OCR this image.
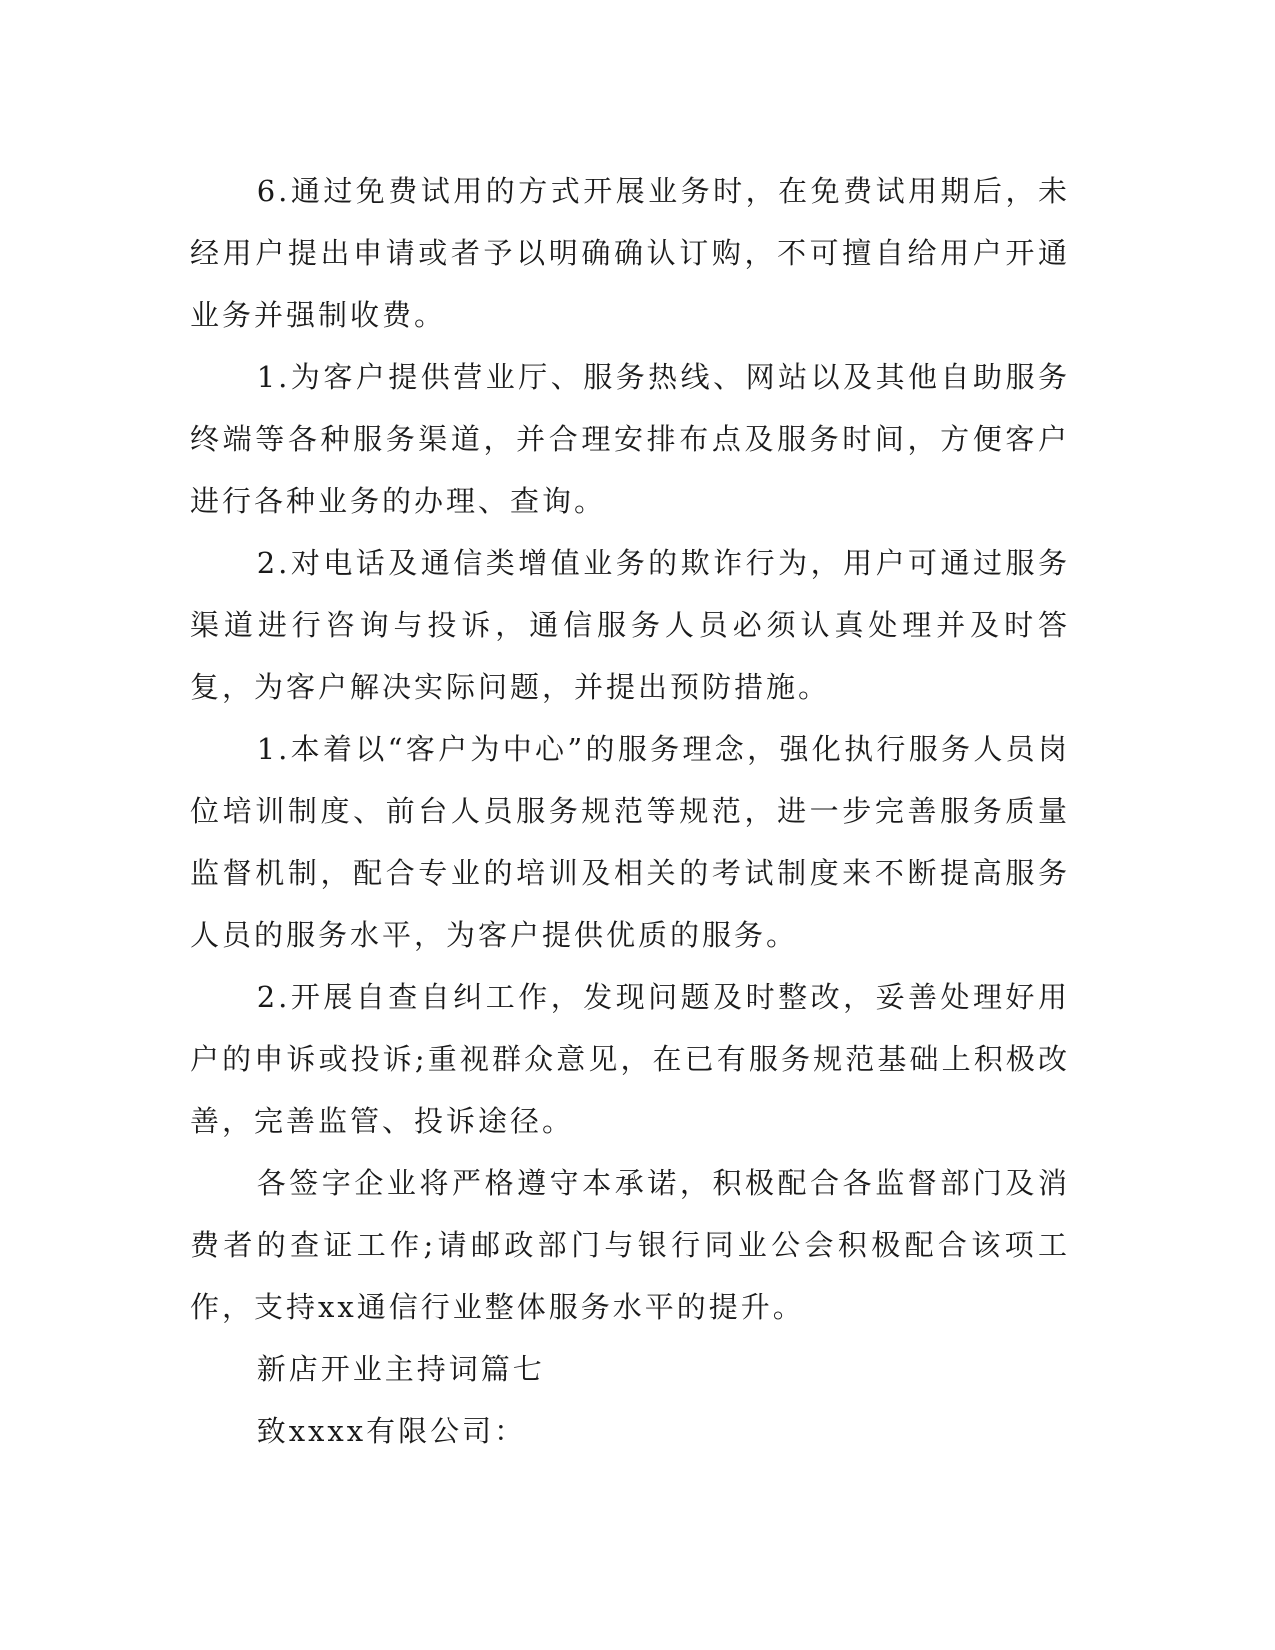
6.通过免费试用的方式开展业务时，在免费试用期后，未经用户提出申请或者予以明确确认订购，不可擅自给用户开通业务并强制收费。

1.为客户提供营业厅、服务热线、网站以及其他自助服务终端等各种服务渠道，并合理安排布点及服务时间，方便客户进行各种业务的办理、查询。

2.对电话及通信类增值业务的欺诈行为，用户可通过服务渠道进行咨询与投诉，通信服务人员必须认真处理并及时答复，为客户解决实际问题，并提出预防措施。

1.本着以“客户为中心”的服务理念，强化执行服务人员岗位培训制度、前台人员服务规范等规范，进一步完善服务质量监督机制，配合专业的培训及相关的考试制度来不断提高服务人员的服务水平，为客户提供优质的服务。

2.开展自查自纠工作，发现问题及时整改，妥善处理好用户的申诉或投诉;重视群众意见，在已有服务规范基础上积极改善，完善监管、投诉途径。

各签字企业将严格遵守本承诺，积极配合各监督部门及消费者的查证工作;请邮政部门与银行同业公会积极配合该项工作，支持xx通信行业整体服务水平的提升。

新店开业主持词篇七

致xxxx有限公司：
